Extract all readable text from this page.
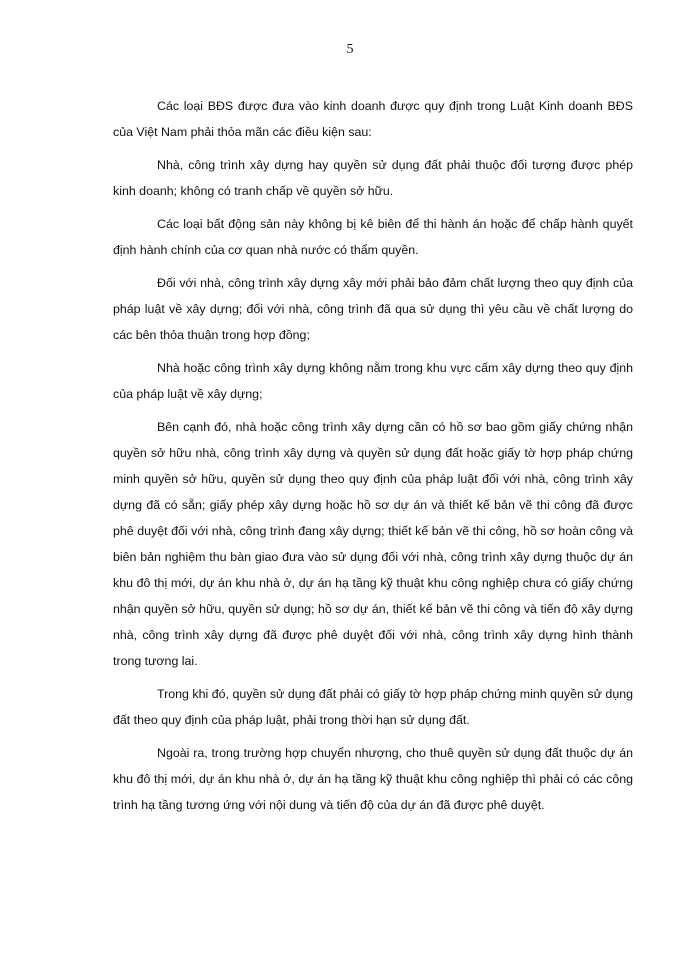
5

Các loại BĐS được đưa vào kinh doanh được quy định trong Luật Kinh doanh BĐS của Việt Nam phải thỏa mãn các điều kiện sau:

Nhà, công trình xây dựng hay quyền sử dụng đất phải thuộc đối tượng được phép kinh doanh; không có tranh chấp về quyền sở hữu.

Các loại bất động sản này không bị kê biên để thi hành án hoặc để chấp hành quyết định hành chính của cơ quan nhà nước có thẩm quyền.

Đối với nhà, công trình xây dựng xây mới phải bảo đảm chất lượng theo quy định của pháp luật về xây dựng; đối với nhà, công trình đã qua sử dụng thì yêu cầu về chất lượng do các bên thỏa thuận trong hợp đồng;

Nhà hoặc công trình xây dựng không nằm trong khu vực cấm xây dựng theo quy định của pháp luật về xây dựng;

Bên cạnh đó, nhà hoặc công trình xây dựng cần có hồ sơ bao gồm giấy chứng nhận quyền sở hữu nhà, công trình xây dựng và quyền sử dụng đất hoặc giấy tờ hợp pháp chứng minh quyền sở hữu, quyền sử dụng theo quy định của pháp luật đối với nhà, công trình xây dựng đã có sẵn; giấy phép xây dựng hoặc hồ sơ dự án và thiết kế bản vẽ thi công đã được phê duyệt đối với nhà, công trình đang xây dựng; thiết kế bản vẽ thi công, hồ sơ hoàn công và biên bản nghiệm thu bàn giao đưa vào sử dụng đối với nhà, công trình xây dựng thuộc dự án khu đô thị mới, dự án khu nhà ở, dự án hạ tầng kỹ thuật khu công nghiệp chưa có giấy chứng nhận quyền sở hữu, quyền sử dụng; hồ sơ dự án, thiết kế bản vẽ thi công và tiến độ xây dựng nhà, công trình xây dựng đã được phê duyệt đối với nhà, công trình xây dựng hình thành trong tương lai.

Trong khi đó, quyền sử dụng đất phải có giấy tờ hợp pháp chứng minh quyền sử dụng đất theo quy định của pháp luật, phải trong thời hạn sử dụng đất.

Ngoài ra, trong trường hợp chuyển nhượng, cho thuê quyền sử dụng đất thuộc dự án khu đô thị mới, dự án khu nhà ở, dự án hạ tầng kỹ thuật khu công nghiệp thì phải có các công trình hạ tầng tương ứng với nội dung và tiến độ của dự án đã được phê duyệt.
